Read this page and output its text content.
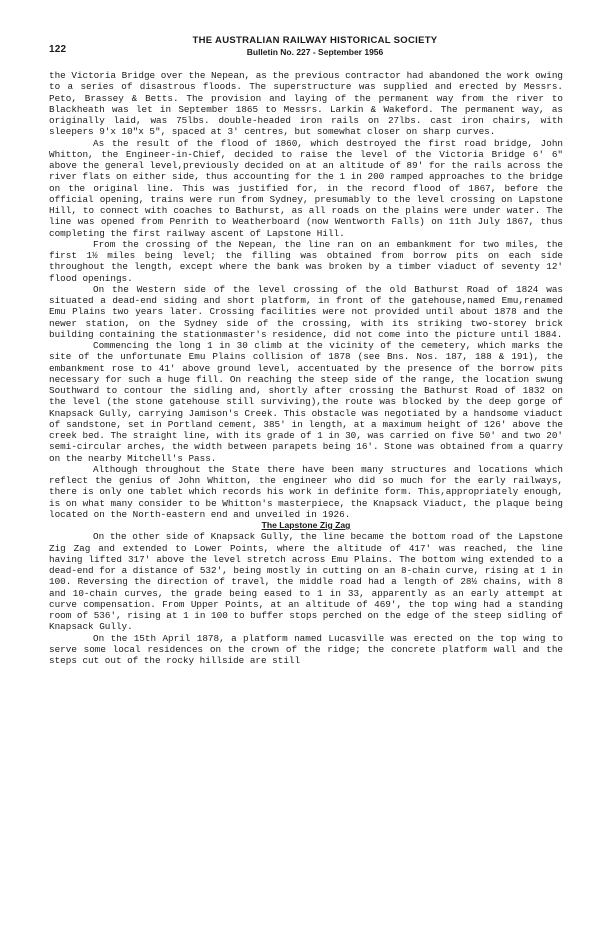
122
THE AUSTRALIAN RAILWAY HISTORICAL SOCIETY
Bulletin No. 227 - September 1956

the Victoria Bridge over the Nepean, as the previous contractor had abandoned the work owing to a series of disastrous floods. The superstructure was supplied and erected by Messrs. Peto, Brassey & Betts. The provision and laying of the permanent way from the river to Blackheath was let in September 1865 to Messrs. Larkin & Wakeford. The permanent way, as originally laid, was 75lbs. double-headed iron rails on 27lbs. cast iron chairs, with sleepers 9'x 10"x 5", spaced at 3' centres, but somewhat closer on sharp curves.

As the result of the flood of 1860, which destroyed the first road bridge, John Whitton, the Engineer-in-Chief, decided to raise the level of the Victoria Bridge 6' 6" above the general level,previously decided on at an altitude of 89' for the rails across the river flats on either side, thus accounting for the 1 in 200 ramped approaches to the bridge on the original line. This was justified for, in the record flood of 1867, before the official opening, trains were run from Sydney, presumably to the level crossing on Lapstone Hill, to connect with coaches to Bathurst, as all roads on the plains were under water. The line was opened from Penrith to Weatherboard (now Wentworth Falls) on 11th July 1867, thus completing the first railway ascent of Lapstone Hill.

From the crossing of the Nepean, the line ran on an embankment for two miles, the first 1½ miles being level; the filling was obtained from borrow pits on each side throughout the length, except where the bank was broken by a timber viaduct of seventy 12' flood openings.

On the Western side of the level crossing of the old Bathurst Road of 1824 was situated a dead-end siding and short platform, in front of the gatehouse,named Emu,renamed Emu Plains two years later. Crossing facilities were not provided until about 1878 and the newer station, on the Sydney side of the crossing, with its striking two-storey brick building containing the stationmaster's residence, did not come into the picture until 1884.

Commencing the long 1 in 30 climb at the vicinity of the cemetery, which marks the site of the unfortunate Emu Plains collision of 1878 (see Bns. Nos. 187, 188 & 191), the embankment rose to 41' above ground level, accentuated by the presence of the borrow pits necessary for such a huge fill. On reaching the steep side of the range, the location swung Southward to contour the sidling and, shortly after crossing the Bathurst Road of 1832 on the level (the stone gatehouse still surviving),the route was blocked by the deep gorge of Knapsack Gully, carrying Jamison's Creek. This obstacle was negotiated by a handsome viaduct of sandstone, set in Portland cement, 385' in length, at a maximum height of 126' above the creek bed. The straight line, with its grade of 1 in 30, was carried on five 50' and two 20' semi-circular arches, the width between parapets being 16'. Stone was obtained from a quarry on the nearby Mitchell's Pass.

Although throughout the State there have been many structures and locations which reflect the genius of John Whitton, the engineer who did so much for the early railways, there is only one tablet which records his work in definite form. This,appropriately enough, is on what many consider to be Whitton's masterpiece, the Knapsack Viaduct, the plaque being located on the North-eastern end and unveiled in 1926.

The Lapstone Zig Zag

On the other side of Knapsack Gully, the line became the bottom road of the Lapstone Zig Zag and extended to Lower Points, where the altitude of 417' was reached, the line having lifted 317' above the level stretch across Emu Plains. The bottom wing extended to a dead-end for a distance of 532', being mostly in cutting on an 8-chain curve, rising at 1 in 100. Reversing the direction of travel, the middle road had a length of 28½ chains, with 8 and 10-chain curves, the grade being eased to 1 in 33, apparently as an early attempt at curve compensation. From Upper Points, at an altitude of 469', the top wing had a standing room of 536', rising at 1 in 100 to buffer stops perched on the edge of the steep sidling of Knapsack Gully.

On the 15th April 1878, a platform named Lucasville was erected on the top wing to serve some local residences on the crown of the ridge; the concrete platform wall and the steps cut out of the rocky hillside are still
